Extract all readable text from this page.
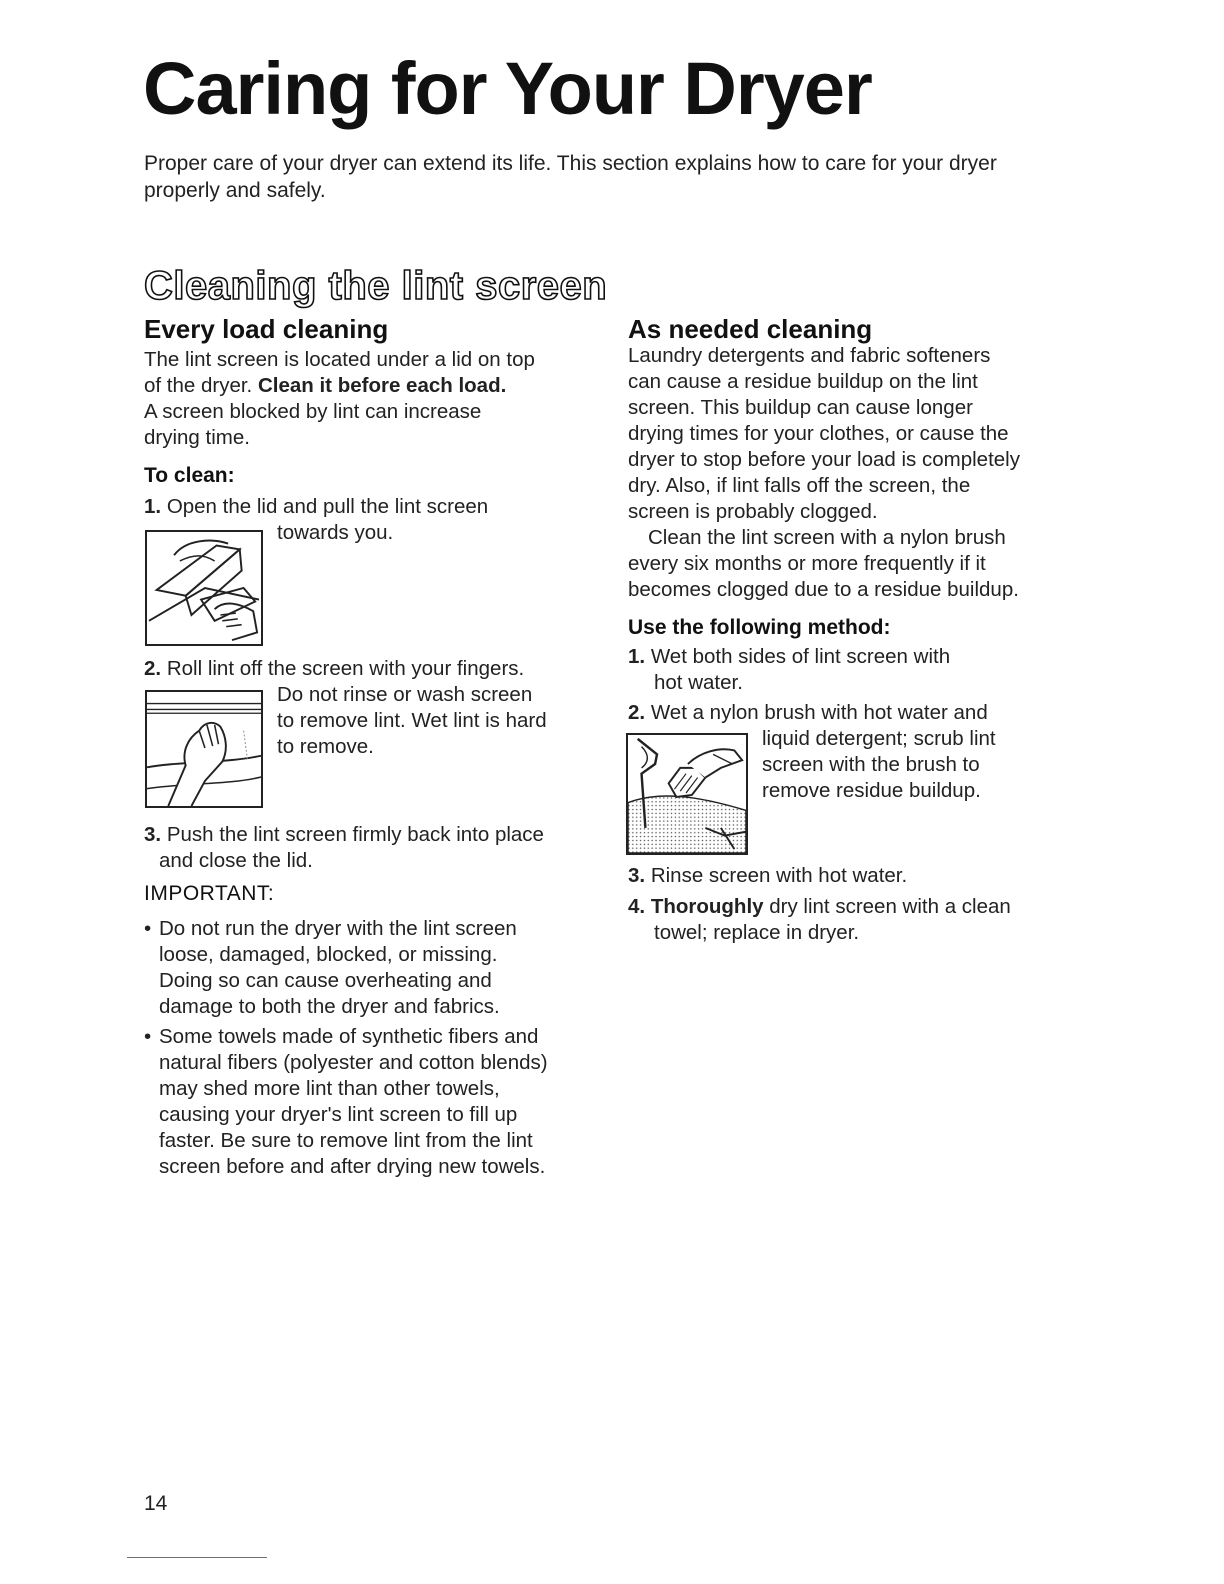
Caring for Your Dryer
Proper care of your dryer can extend its life. This section explains how to care for your dryer
properly and safely.
Cleaning the lint screen
Every load cleaning
The lint screen is located under a lid on top
of the dryer. Clean it before each load.
A screen blocked by lint can increase
drying time.
To clean:
1. Open the lid and pull the lint screen
towards you.
2. Roll lint off the screen with your fingers.
Do not rinse or wash screen
to remove lint. Wet lint is hard
to remove.
3. Push the lint screen firmly back into place
and close the lid.
IMPORTANT:
• Do not run the dryer with the lint screen
loose, damaged, blocked, or missing.
Doing so can cause overheating and
damage to both the dryer and fabrics.
• Some towels made of synthetic fibers and
natural fibers (polyester and cotton blends)
may shed more lint than other towels,
causing your dryer's lint screen to fill up
faster. Be sure to remove lint from the lint
screen before and after drying new towels.
As needed cleaning
Laundry detergents and fabric softeners
can cause a residue buildup on the lint
screen. This buildup can cause longer
drying times for your clothes, or cause the
dryer to stop before your load is completely
dry. Also, if lint falls off the screen, the
screen is probably clogged.
Clean the lint screen with a nylon brush
every six months or more frequently if it
becomes clogged due to a residue buildup.
Use the following method:
1. Wet both sides of lint screen with
hot water.
2. Wet a nylon brush with hot water and
liquid detergent; scrub lint
screen with the brush to
remove residue buildup.
3. Rinse screen with hot water.
4. Thoroughly dry lint screen with a clean
towel; replace in dryer.
14
